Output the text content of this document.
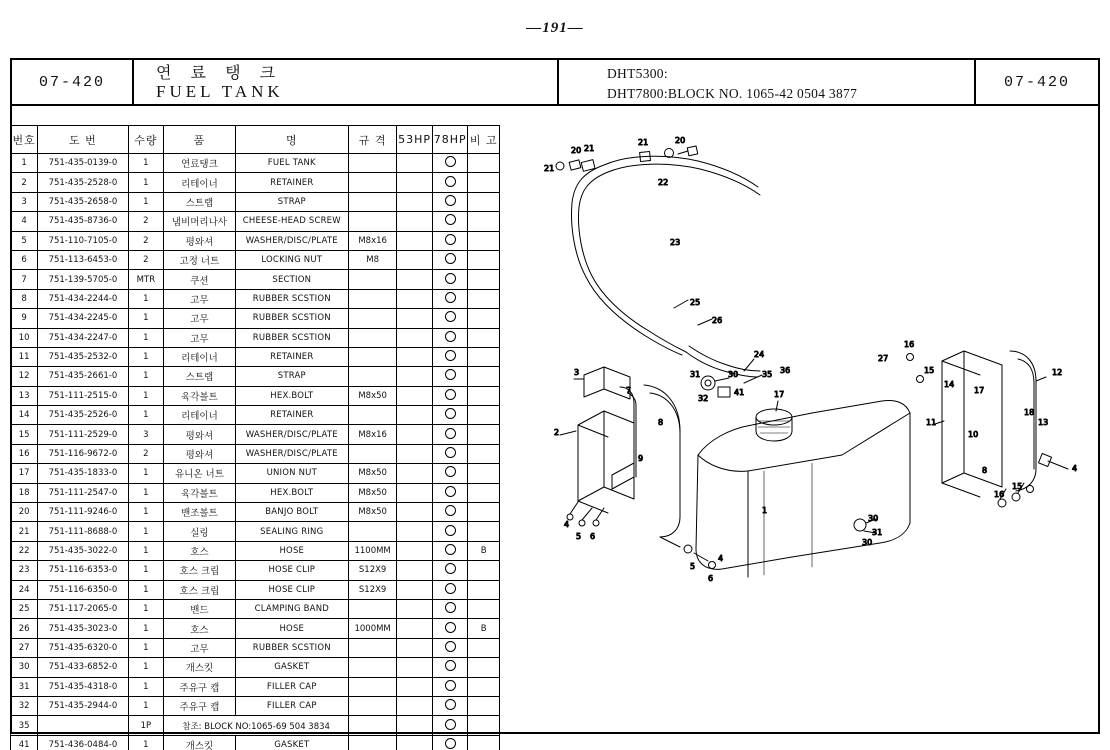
—191—
07-420	연 료 탱 크
FUEL TANK
DHT5300:
DHT7800:BLOCK NO. 1065-42 0504 3877
07-420
번호	도 번	수량	품	명	규 격	53HP	78HP	비 고
1	751-435-0139-0	1	연료탱크	FUEL TANK				
2	751-435-2528-0	1	리테이너	RETAINER				
3	751-435-2658-0	1	스트랩	STRAP				
4	751-435-8736-0	2	냄비머리나사	CHEESE-HEAD SCREW				
5	751-110-7105-0	2	평와셔	WASHER/DISC/PLATE	M8x16			
6	751-113-6453-0	2	고정 너트	LOCKING NUT	M8			
7	751-139-5705-0	MTR	쿠션	SECTION				
8	751-434-2244-0	1	고무	RUBBER SCSTION				
9	751-434-2245-0	1	고무	RUBBER SCSTION				
10	751-434-2247-0	1	고무	RUBBER SCSTION				
11	751-435-2532-0	1	리테이너	RETAINER				
12	751-435-2661-0	1	스트랩	STRAP				
13	751-111-2515-0	1	육각볼트	HEX.BOLT	M8x50			
14	751-435-2526-0	1	리테이너	RETAINER				
15	751-111-2529-0	3	평와셔	WASHER/DISC/PLATE	M8x16			
16	751-116-9672-0	2	평와셔	WASHER/DISC/PLATE				
17	751-435-1833-0	1	유니온 너트	UNION NUT	M8x50			
18	751-111-2547-0	1	육각볼트	HEX.BOLT	M8x50			
20	751-111-9246-0	1	밴조볼트	BANJO BOLT	M8x50			
21	751-111-8688-0	1	실링	SEALING RING				
22	751-435-3022-0	1	호스	HOSE	1100MM			B
23	751-116-6353-0	1	호스 크립	HOSE CLIP	S12X9			
24	751-116-6350-0	1	호스 크립	HOSE CLIP	S12X9			
25	751-117-2065-0	1	밴드	CLAMPING BAND				
26	751-435-3023-0	1	호스	HOSE	1000MM			B
27	751-435-6320-0	1	고무	RUBBER SCSTION				
30	751-433-6852-0	1	개스킷	GASKET				
31	751-435-4318-0	1	주유구 캡	FILLER CAP				
32	751-435-2944-0	1	주유구 캡	FILLER CAP				
35		1P	참조: BLOCK NO:1065-69 504 3834					
41	751-436-0484-0	1	개스킷	GASKET				
21
20 21
21	20
22
23
25
26
32
31	30
41
24
35 36
3
2
4
5 6
7
8
9
4
5
6
1
17
30
31
30
11
14
17
10
8
12
18
13
16
15
4
16
15
27
